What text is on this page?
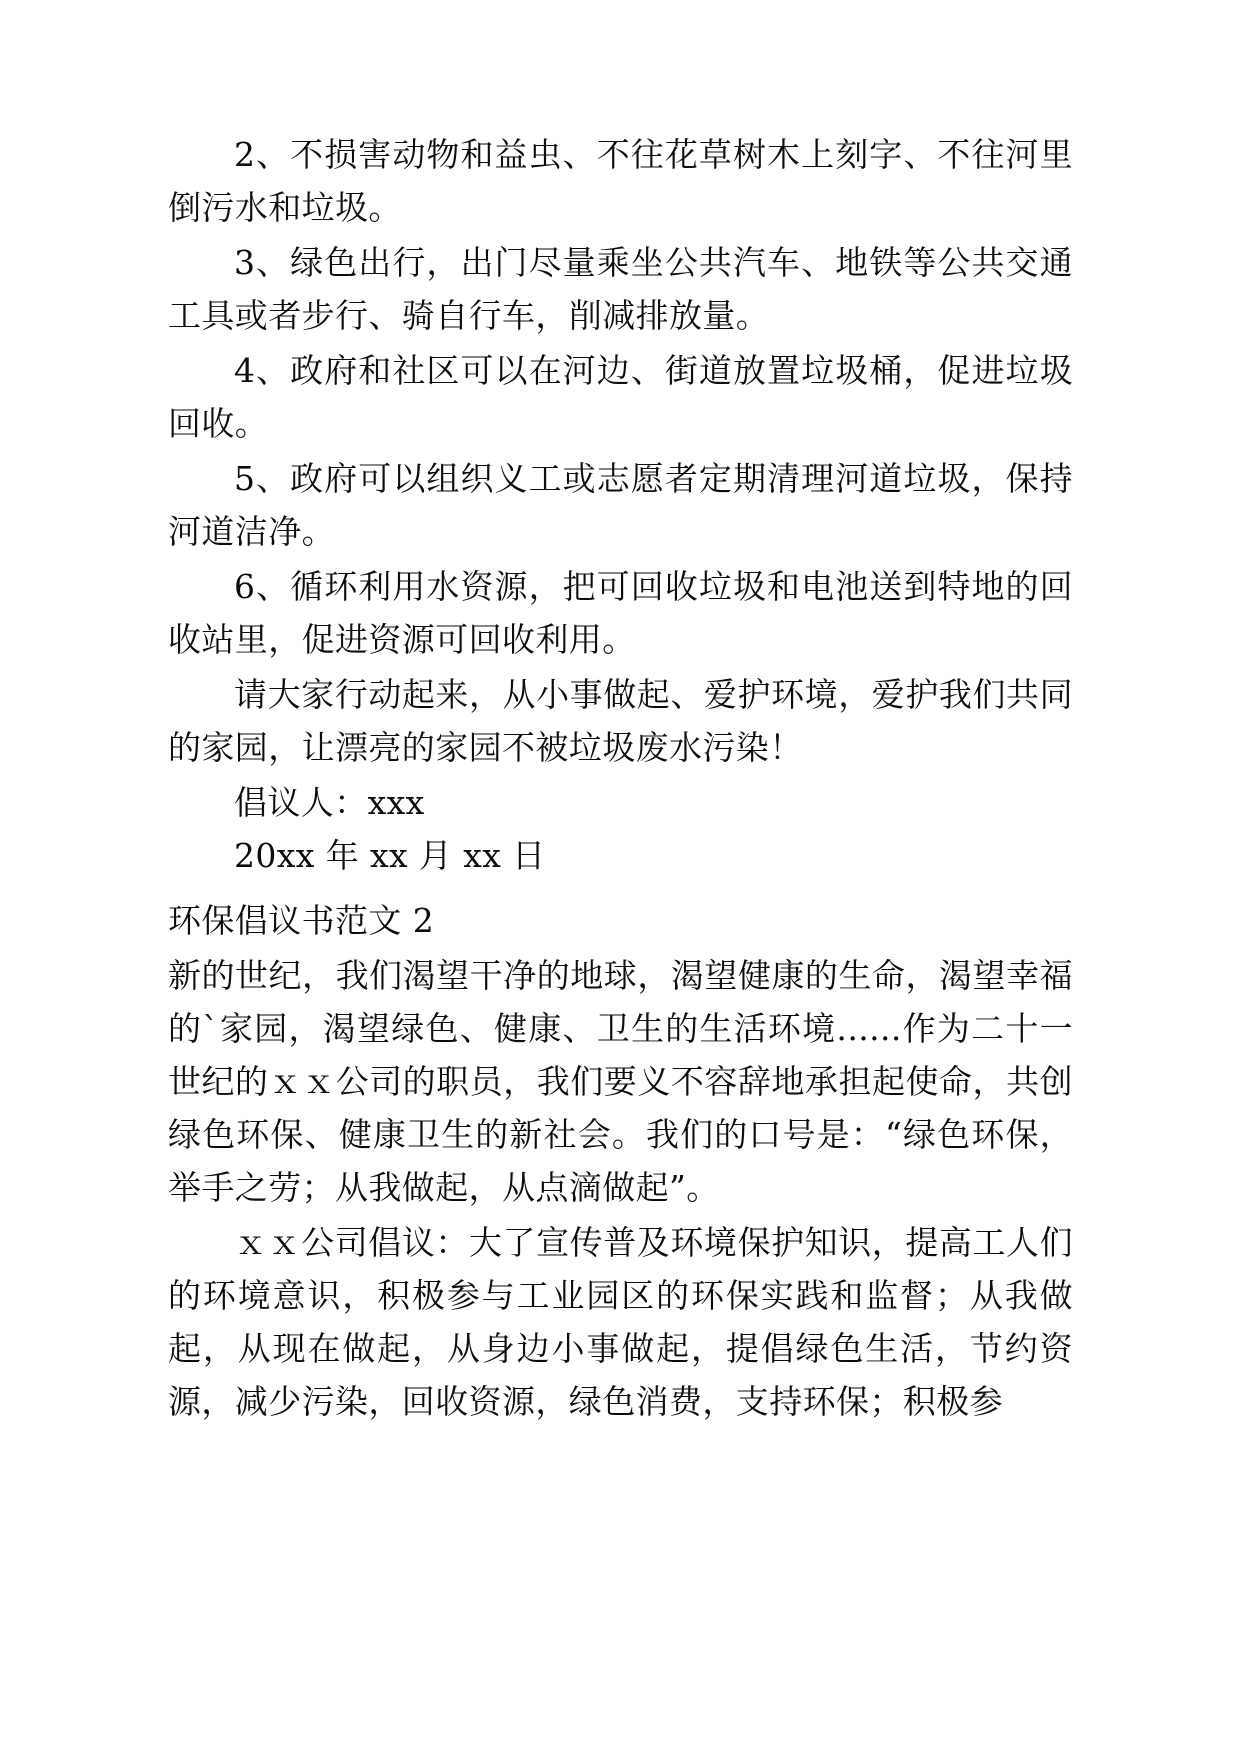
2、不损害动物和益虫、不往花草树木上刻字、不往河里倒污水和垃圾。

3、绿色出行，出门尽量乘坐公共汽车、地铁等公共交通工具或者步行、骑自行车，削减排放量。

4、政府和社区可以在河边、街道放置垃圾桶，促进垃圾回收。

5、政府可以组织义工或志愿者定期清理河道垃圾，保持河道洁净。

6、循环利用水资源，把可回收垃圾和电池送到特地的回收站里，促进资源可回收利用。

请大家行动起来，从小事做起、爱护环境，爱护我们共同的家园，让漂亮的家园不被垃圾废水污染！

倡议人：xxx

20xx 年 xx 月 xx 日

环保倡议书范文 2

新的世纪，我们渴望干净的地球，渴望健康的生命，渴望幸福的`家园，渴望绿色、健康、卫生的生活环境......作为二十一世纪的ｘｘ公司的职员，我们要义不容辞地承担起使命，共创绿色环保、健康卫生的新社会。我们的口号是：“绿色环保，举手之劳；从我做起，从点滴做起”。

ｘｘ公司倡议：大了宣传普及环境保护知识，提高工人们的环境意识，积极参与工业园区的环保实践和监督；从我做起，从现在做起，从身边小事做起，提倡绿色生活，节约资源，减少污染，回收资源，绿色消费，支持环保；积极参
